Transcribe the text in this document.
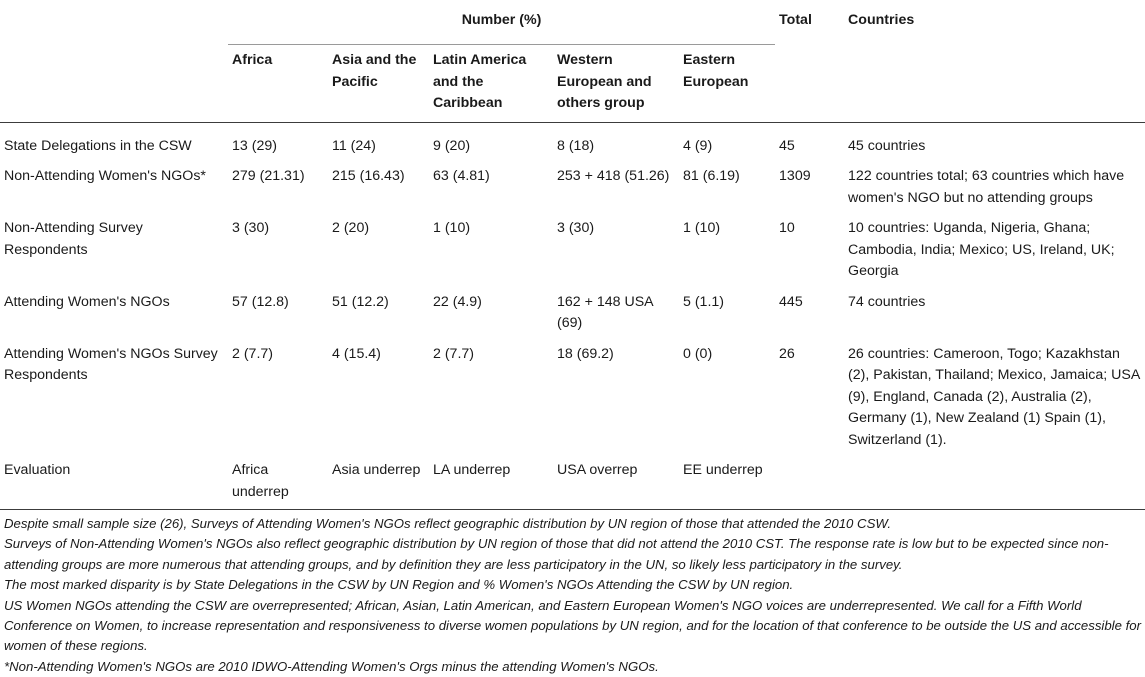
	Number (%)					Total	Countries
	Africa	Asia and the Pacific	Latin America and the Caribbean	Western European and others group	Eastern European		
State Delegations in the CSW	13 (29)	11 (24)	9 (20)	8 (18)	4 (9)	45	45 countries
Non-Attending Women's NGOs*	279 (21.31)	215 (16.43)	63 (4.81)	253 + 418 (51.26)	81 (6.19)	1309	122 countries total; 63 countries which have women's NGO but no attending groups
Non-Attending Survey Respondents	3 (30)	2 (20)	1 (10)	3 (30)	1 (10)	10	10 countries: Uganda, Nigeria, Ghana; Cambodia, India; Mexico; US, Ireland, UK; Georgia
Attending Women's NGOs	57 (12.8)	51 (12.2)	22 (4.9)	162 + 148 USA (69)	5 (1.1)	445	74 countries
Attending Women's NGOs Survey Respondents	2 (7.7)	4 (15.4)	2 (7.7)	18 (69.2)	0 (0)	26	26 countries: Cameroon, Togo; Kazakhstan (2), Pakistan, Thailand; Mexico, Jamaica; USA (9), England, Canada (2), Australia (2), Germany (1), New Zealand (1) Spain (1), Switzerland (1).
Evaluation	Africa underrep	Asia underrep	LA underrep	USA overrep	EE underrep		

Despite small sample size (26), Surveys of Attending Women's NGOs reflect geographic distribution by UN region of those that attended the 2010 CSW.

Surveys of Non-Attending Women's NGOs also reflect geographic distribution by UN region of those that did not attend the 2010 CST. The response rate is low but to be expected since non-attending groups are more numerous that attending groups, and by definition they are less participatory in the UN, so likely less participatory in the survey.

The most marked disparity is by State Delegations in the CSW by UN Region and % Women's NGOs Attending the CSW by UN region.

US Women NGOs attending the CSW are overrepresented; African, Asian, Latin American, and Eastern European Women's NGO voices are underrepresented. We call for a Fifth World Conference on Women, to increase representation and responsiveness to diverse women populations by UN region, and for the location of that conference to be outside the US and accessible for women of these regions.

*Non-Attending Women's NGOs are 2010 IDWO-Attending Women's Orgs minus the attending Women's NGOs.
